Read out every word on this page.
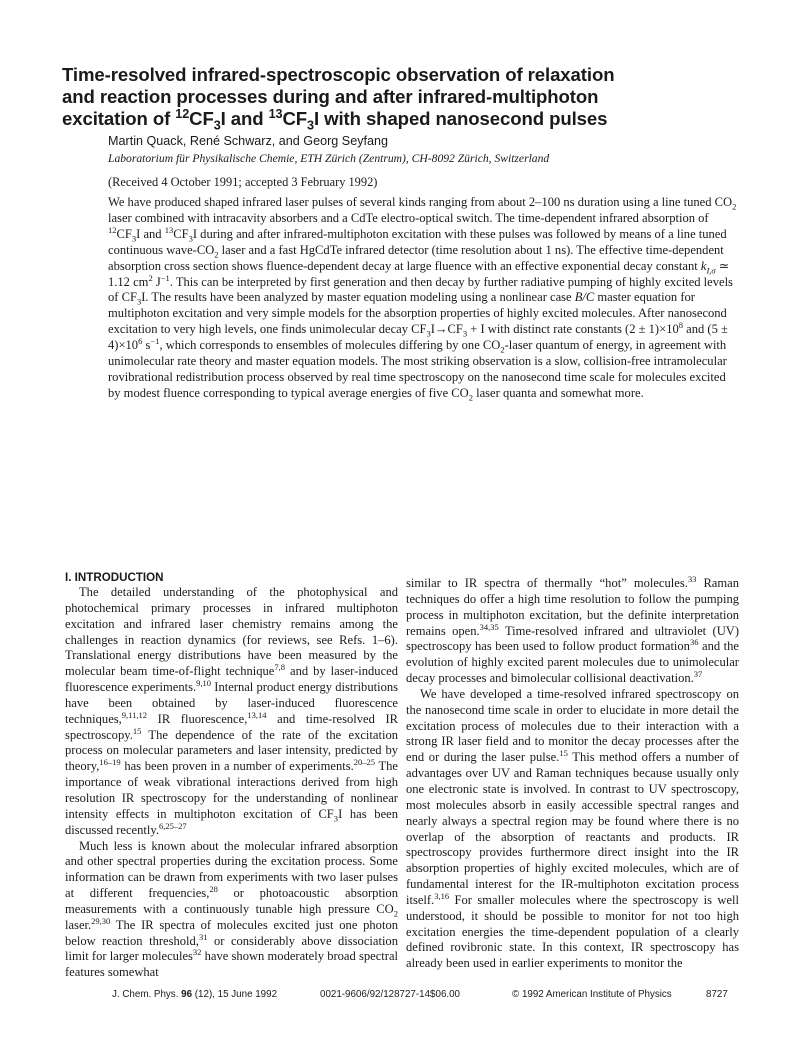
Time-resolved infrared-spectroscopic observation of relaxation
and reaction processes during and after infrared-multiphoton
excitation of $^{12}CF_3I$ and $^{13}CF_3I$ with shaped nanosecond pulses
Martin Quack, René Schwarz, and Georg Seyfang
Laboratorium für Physikalische Chemie, ETH Zürich (Zentrum), CH-8092 Zürich, Switzerland
(Received 4 October 1991; accepted 3 February 1992)

We have produced shaped infrared laser pulses of several kinds ranging from about 2–100 ns duration using a line tuned $CO_2$ laser combined with intracavity absorbers and a CdTe electro-optical switch. The time-dependent infrared absorption of $^{12}CF_3I$ and $^{13}CF_3I$ during and after infrared-multiphoton excitation with these pulses was followed by means of a line tuned continuous wave-$CO_2$ laser and a fast HgCdTe infrared detector (time resolution about 1 ns). The effective time-dependent absorption cross section shows fluence-dependent decay at large fluence with an effective exponential decay constant $k_{I,\sigma}$ ≃ 1.12 $cm^2$ $J^{-1}$. This can be interpreted by first generation and then decay by further radiative pumping of highly excited levels of $CF_3I$. The results have been analyzed by master equation modeling using a nonlinear case B/C master equation for multiphoton excitation and very simple models for the absorption properties of highly excited molecules. After nanosecond excitation to very high levels, one finds unimolecular decay $CF_3I\to CF_3 + I$ with distinct rate constants $(2 \pm 1)\times 10^8$ and $(5 \pm 4)\times 10^6$ $s^{-1}$, which corresponds to ensembles of molecules differing by one $CO_2$-laser quantum of energy, in agreement with unimolecular rate theory and master equation models. The most striking observation is a slow, collision-free intramolecular rovibrational redistribution process observed by real time spectroscopy on the nanosecond time scale for molecules excited by modest fluence corresponding to typical average energies of five $CO_2$ laser quanta and somewhat more.

I. INTRODUCTION

The detailed understanding of the photophysical and photochemical primary processes in infrared multiphoton excitation and infrared laser chemistry remains among the challenges in reaction dynamics (for reviews, see Refs. 1–6). Translational energy distributions have been measured by the molecular beam time-of-flight technique$^{7,8}$ and by laser-induced fluorescence experiments.$^{9,10}$ Internal product energy distributions have been obtained by laser-induced fluorescence techniques,$^{9,11,12}$ IR fluorescence,$^{13,14}$ and time-resolved IR spectroscopy.$^{15}$ The dependence of the rate of the excitation process on molecular parameters and laser intensity, predicted by theory,$^{16-19}$ has been proven in a number of experiments.$^{20-25}$ The importance of weak vibrational interactions derived from high resolution IR spectroscopy for the understanding of nonlinear intensity effects in multiphoton excitation of $CF_3I$ has been discussed recently.$^{6,25-27}$

Much less is known about the molecular infrared absorption and other spectral properties during the excitation process. Some information can be drawn from experiments with two laser pulses at different frequencies,$^{28}$ or photoacoustic absorption measurements with a continuously tunable high pressure $CO_2$ laser.$^{29,30}$ The IR spectra of molecules excited just one photon below reaction threshold,$^{31}$ or considerably above dissociation limit for larger molecules$^{32}$ have shown moderately broad spectral features somewhat

similar to IR spectra of thermally “hot” molecules.$^{33}$ Raman techniques do offer a high time resolution to follow the pumping process in multiphoton excitation, but the definite interpretation remains open.$^{34,35}$ Time-resolved infrared and ultraviolet (UV) spectroscopy has been used to follow product formation$^{36}$ and the evolution of highly excited parent molecules due to unimolecular decay processes and bimolecular collisional deactivation.$^{37}$

We have developed a time-resolved infrared spectroscopy on the nanosecond time scale in order to elucidate in more detail the excitation process of molecules due to their interaction with a strong IR laser field and to monitor the decay processes after the end or during the laser pulse.$^{15}$ This method offers a number of advantages over UV and Raman techniques because usually only one electronic state is involved. In contrast to UV spectroscopy, most molecules absorb in easily accessible spectral ranges and nearly always a spectral region may be found where there is no overlap of the absorption of reactants and products. IR spectroscopy provides furthermore direct insight into the IR absorption properties of highly excited molecules, which are of fundamental interest for the IR-multiphoton excitation process itself.$^{3,16}$ For smaller molecules where the spectroscopy is well understood, it should be possible to monitor for not too high excitation energies the time-dependent population of a clearly defined rovibronic state. In this context, IR spectroscopy has already been used in earlier experiments to monitor the

J. Chem. Phys. 96 (12), 15 June 1992	0021-9606/92/128727-14$06.00	© 1992 American Institute of Physics	8727
